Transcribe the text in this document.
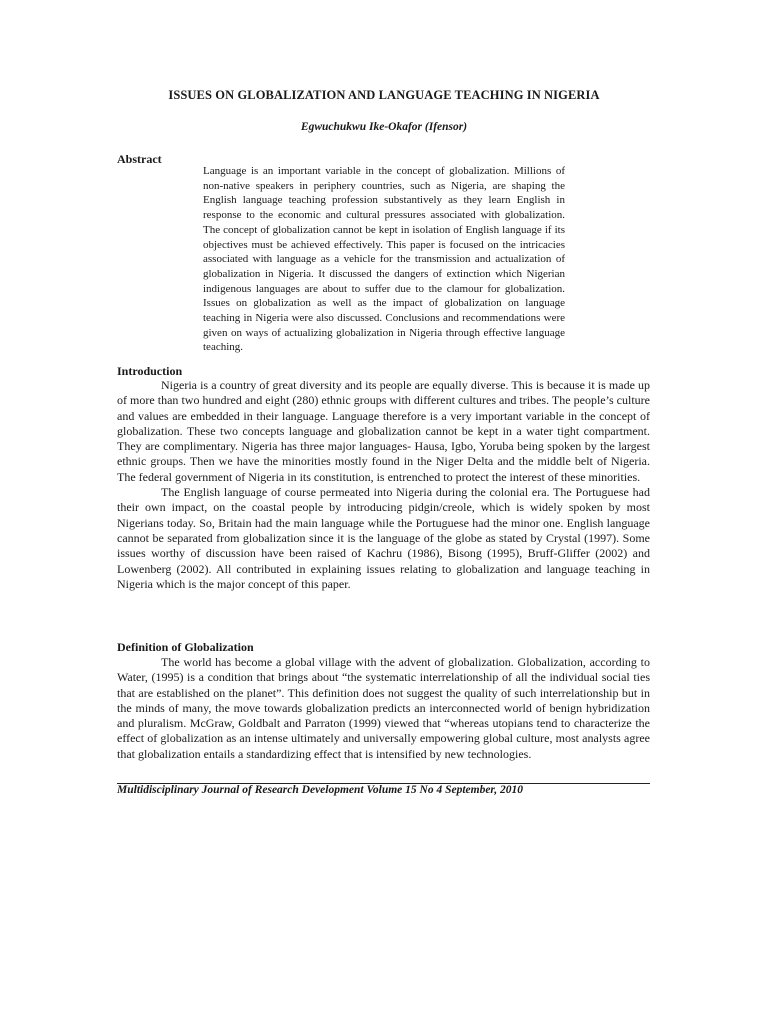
ISSUES ON GLOBALIZATION AND LANGUAGE TEACHING IN NIGERIA
Egwuchukwu Ike-Okafor (Ifensor)
Abstract
Language is an important variable in the concept of globalization. Millions of non-native speakers in periphery countries, such as Nigeria, are shaping the English language teaching profession substantively as they learn English in response to the economic and cultural pressures associated with globalization. The concept of globalization cannot be kept in isolation of English language if its objectives must be achieved effectively. This paper is focused on the intricacies associated with language as a vehicle for the transmission and actualization of globalization in Nigeria. It discussed the dangers of extinction which Nigerian indigenous languages are about to suffer due to the clamour for globalization. Issues on globalization as well as the impact of globalization on language teaching in Nigeria were also discussed. Conclusions and recommendations were given on ways of actualizing globalization in Nigeria through effective language teaching.
Introduction

Nigeria is a country of great diversity and its people are equally diverse. This is because it is made up of more than two hundred and eight (280) ethnic groups with different cultures and tribes. The people’s culture and values are embedded in their language. Language therefore is a very important variable in the concept of globalization. These two concepts language and globalization cannot be kept in a water tight compartment. They are complimentary. Nigeria has three major languages- Hausa, Igbo, Yoruba being spoken by the largest ethnic groups. Then we have the minorities mostly found in the Niger Delta and the middle belt of Nigeria. The federal government of Nigeria in its constitution, is entrenched to protect the interest of these minorities.

The English language of course permeated into Nigeria during the colonial era. The Portuguese had their own impact, on the coastal people by introducing pidgin/creole, which is widely spoken by most Nigerians today. So, Britain had the main language while the Portuguese had the minor one. English language cannot be separated from globalization since it is the language of the globe as stated by Crystal (1997). Some issues worthy of discussion have been raised of Kachru (1986), Bisong (1995), Bruff-Gliffer (2002) and Lowenberg (2002). All contributed in explaining issues relating to globalization and language teaching in Nigeria which is the major concept of this paper.

Definition of Globalization

The world has become a global village with the advent of globalization. Globalization, according to Water, (1995) is a condition that brings about “the systematic interrelationship of all the individual social ties that are established on the planet”. This definition does not suggest the quality of such interrelationship but in the minds of many, the move towards globalization predicts an interconnected world of benign hybridization and pluralism. McGraw, Goldbalt and Parraton (1999) viewed that “whereas utopians tend to characterize the effect of globalization as an intense ultimately and universally empowering global culture, most analysts agree that globalization entails a standardizing effect that is intensified by new technologies.

Multidisciplinary Journal of Research Development Volume 15 No 4 September, 2010
